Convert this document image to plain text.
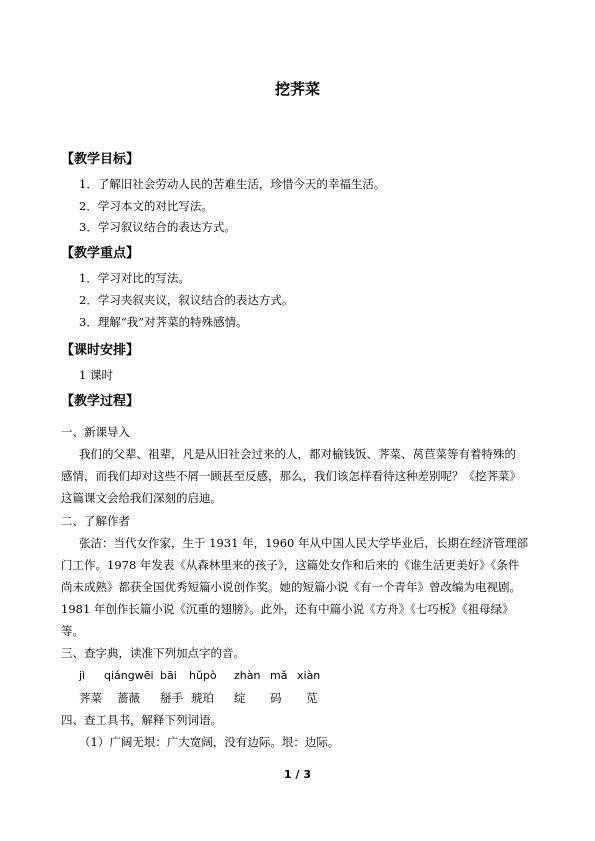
挖荠菜
【教学目标】
1．了解旧社会劳动人民的苦难生活，珍惜今天的幸福生活。
2．学习本文的对比写法。
3．学习叙议结合的表达方式。
【教学重点】
1．学习对比的写法。
2．学习夹叙夹议，叙议结合的表达方式。
3．理解“我”对荠菜的特殊感情。
【课时安排】
1 课时
【教学过程】
一、新课导入
我们的父辈、祖辈，凡是从旧社会过来的人，都对榆钱饭、荠菜、莴苣菜等有着特殊的
感情，而我们却对这些不屑一顾甚至反感，那么，我们该怎样看待这种差别呢？《挖荠菜》
这篇课文会给我们深刻的启迪。
二、了解作者
张洁：当代女作家，生于 1931 年，1960 年从中国人民大学毕业后，长期在经济管理部
门工作。1978 年发表《从森林里来的孩子》，这篇处女作和后来的《谁生活更美好》《条件
尚未成熟》都获全国优秀短篇小说创作奖。她的短篇小说《有一个青年》曾改编为电视剧。
1981 年创作长篇小说《沉重的翅膀》。此外，还有中篇小说《方舟》《七巧板》《祖母绿》
等。
三、查字典，读准下列加点字的音。
jì qiángwēi bāi hǔpò zhàn mǎ xiàn
荠菜 蔷薇 掰手 琥珀 绽 码 苋
四、查工具书，解释下列词语。
（1）广阔无垠：广大宽阔，没有边际。垠：边际。
1 / 3
